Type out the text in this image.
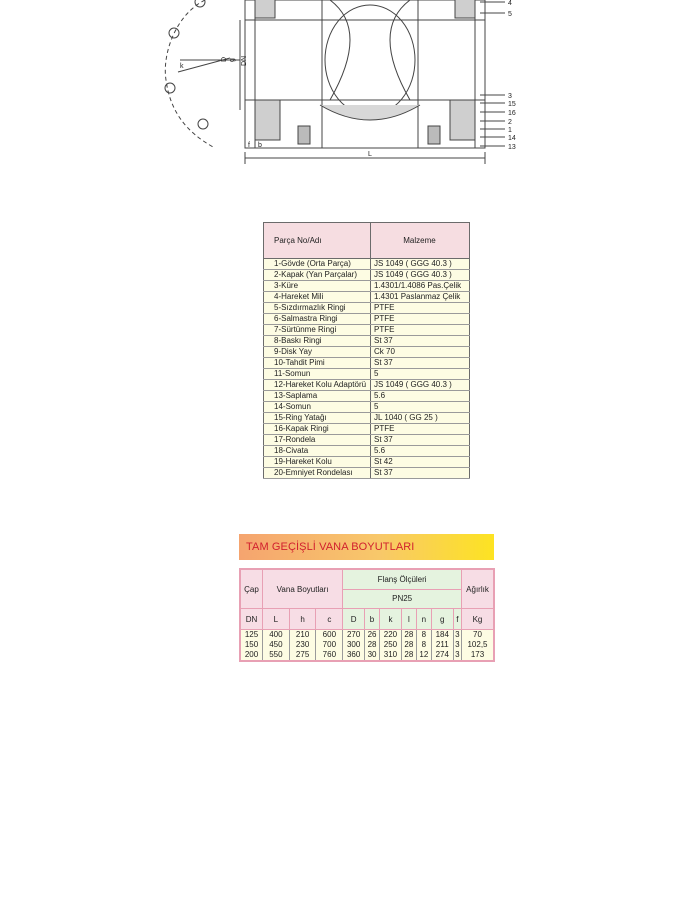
4
5
3
15
16
2
1
14
13
L
b
f
k
D g DN
Parça No/Adı	Malzeme
1-Gövde (Orta Parça)	JS 1049 ( GGG 40.3 )
2-Kapak (Yan Parçalar)	JS 1049 ( GGG 40.3 )
3-Küre	1.4301/1.4086 Pas.Çelik
4-Hareket Mili	1.4301 Paslanmaz Çelik
5-Sızdırmazlık Ringi	PTFE
6-Salmastra Ringi	PTFE
7-Sürtünme Ringi	PTFE
8-Baskı Ringi	St 37
9-Disk Yay	Ck 70
10-Tahdit Pimi	St 37
11-Somun	5
12-Hareket Kolu Adaptörü	JS 1049 ( GGG 40.3 )
13-Saplama	5.6
14-Somun	5
15-Ring Yatağı	JL 1040 ( GG 25 )
16-Kapak Ringi	PTFE
17-Rondela	St 37
18-Civata	5.6
19-Hareket Kolu	St 42
20-Emniyet Rondelası	St 37
TAM GEÇİŞLİ VANA BOYUTLARI
Çap	Vana Boyutları			Flanş Ölçüleri							Ağırlık
				PN25							
DN	L	h	c	D	b	k	l	n	g	f	Kg
125	400	210	600	270	26	220	28	8	184	3	70
150	450	230	700	300	28	250	28	8	211	3	102,5
200	550	275	760	360	30	310	28	12	274	3	173
